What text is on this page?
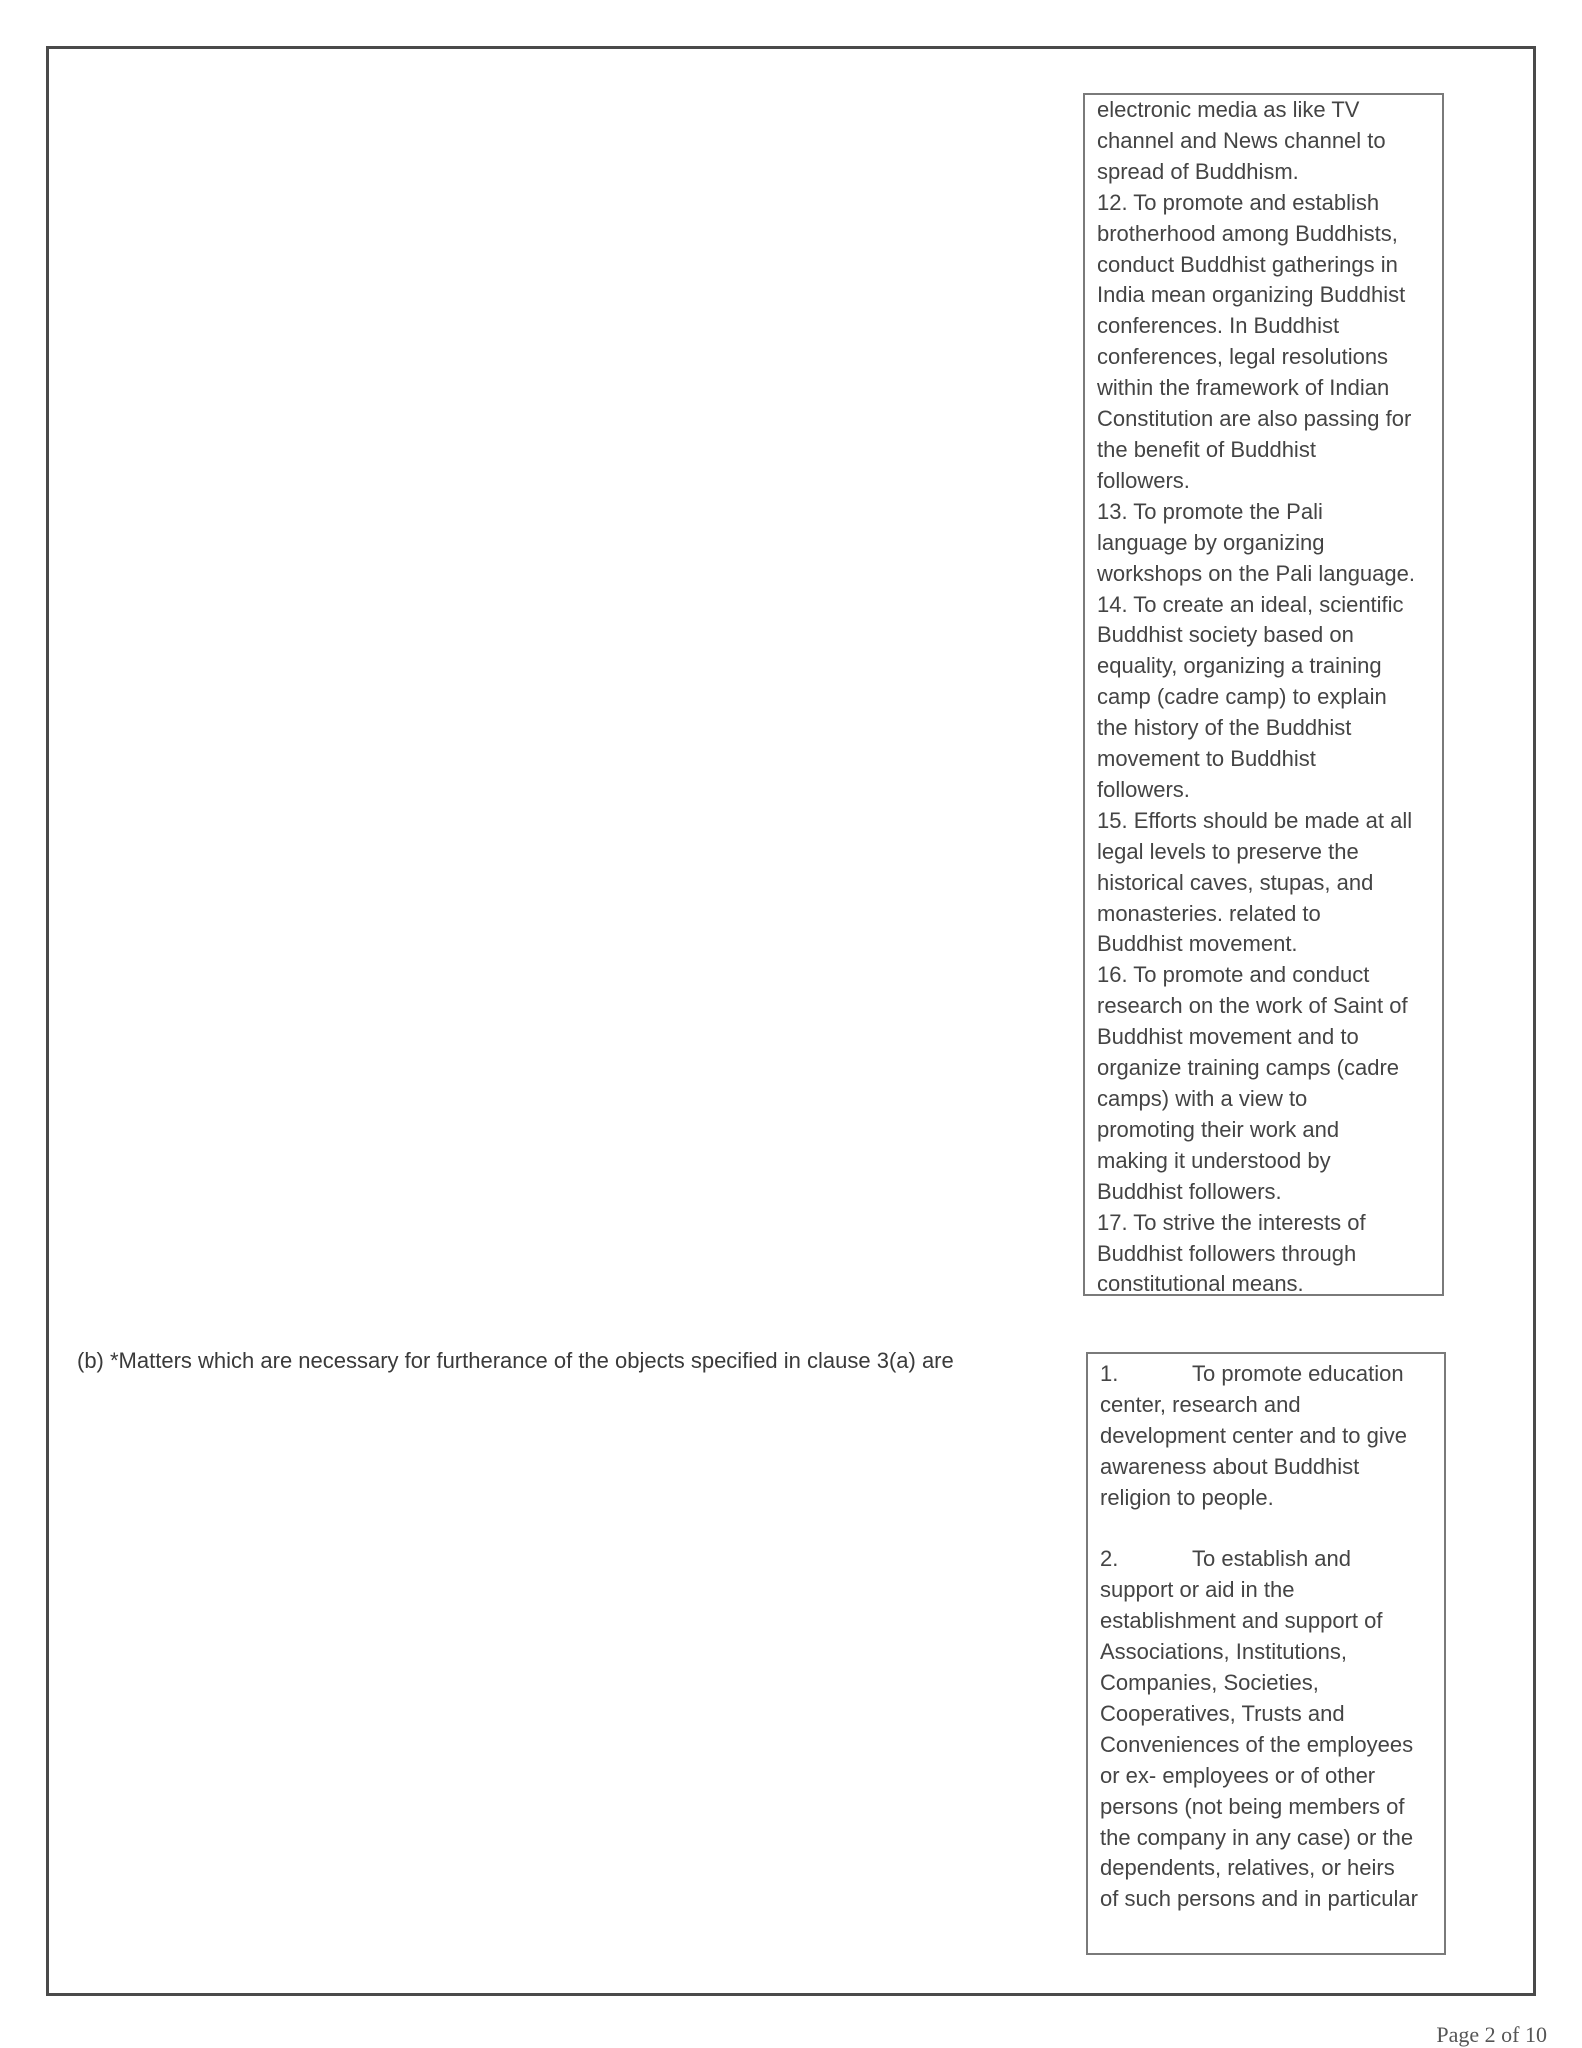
electronic media as like TV
channel and News channel to
spread of Buddhism.
12. To promote and establish
brotherhood among Buddhists,
conduct Buddhist gatherings in
India mean organizing Buddhist
conferences. In Buddhist
conferences, legal resolutions
within the framework of Indian
Constitution are also passing for
the benefit of Buddhist
followers.
13. To promote the Pali
language by organizing
workshops on the Pali language.
14. To create an ideal, scientific
Buddhist society based on
equality, organizing a training
camp (cadre camp) to explain
the history of the Buddhist
movement to Buddhist
followers.
15. Efforts should be made at all
legal levels to preserve the
historical caves, stupas, and
monasteries. related to
Buddhist movement.
16. To promote and conduct
research on the work of Saint of
Buddhist movement and to
organize training camps (cadre
camps) with a view to
promoting their work and
making it understood by
Buddhist followers.
17. To strive the interests of
Buddhist followers through
constitutional means.
(b) *Matters which are necessary for furtherance of the objects specified in clause 3(a) are
1.	To promote education
center, research and
development center and to give
awareness about Buddhist
religion to people.
2.	To establish and
support or aid in the
establishment and support of
Associations, Institutions,
Companies, Societies,
Cooperatives, Trusts and
Conveniences of the employees
or ex- employees or of other
persons (not being members of
the company in any case) or the
dependents, relatives, or heirs
of such persons and in particular
Page 2 of 10
